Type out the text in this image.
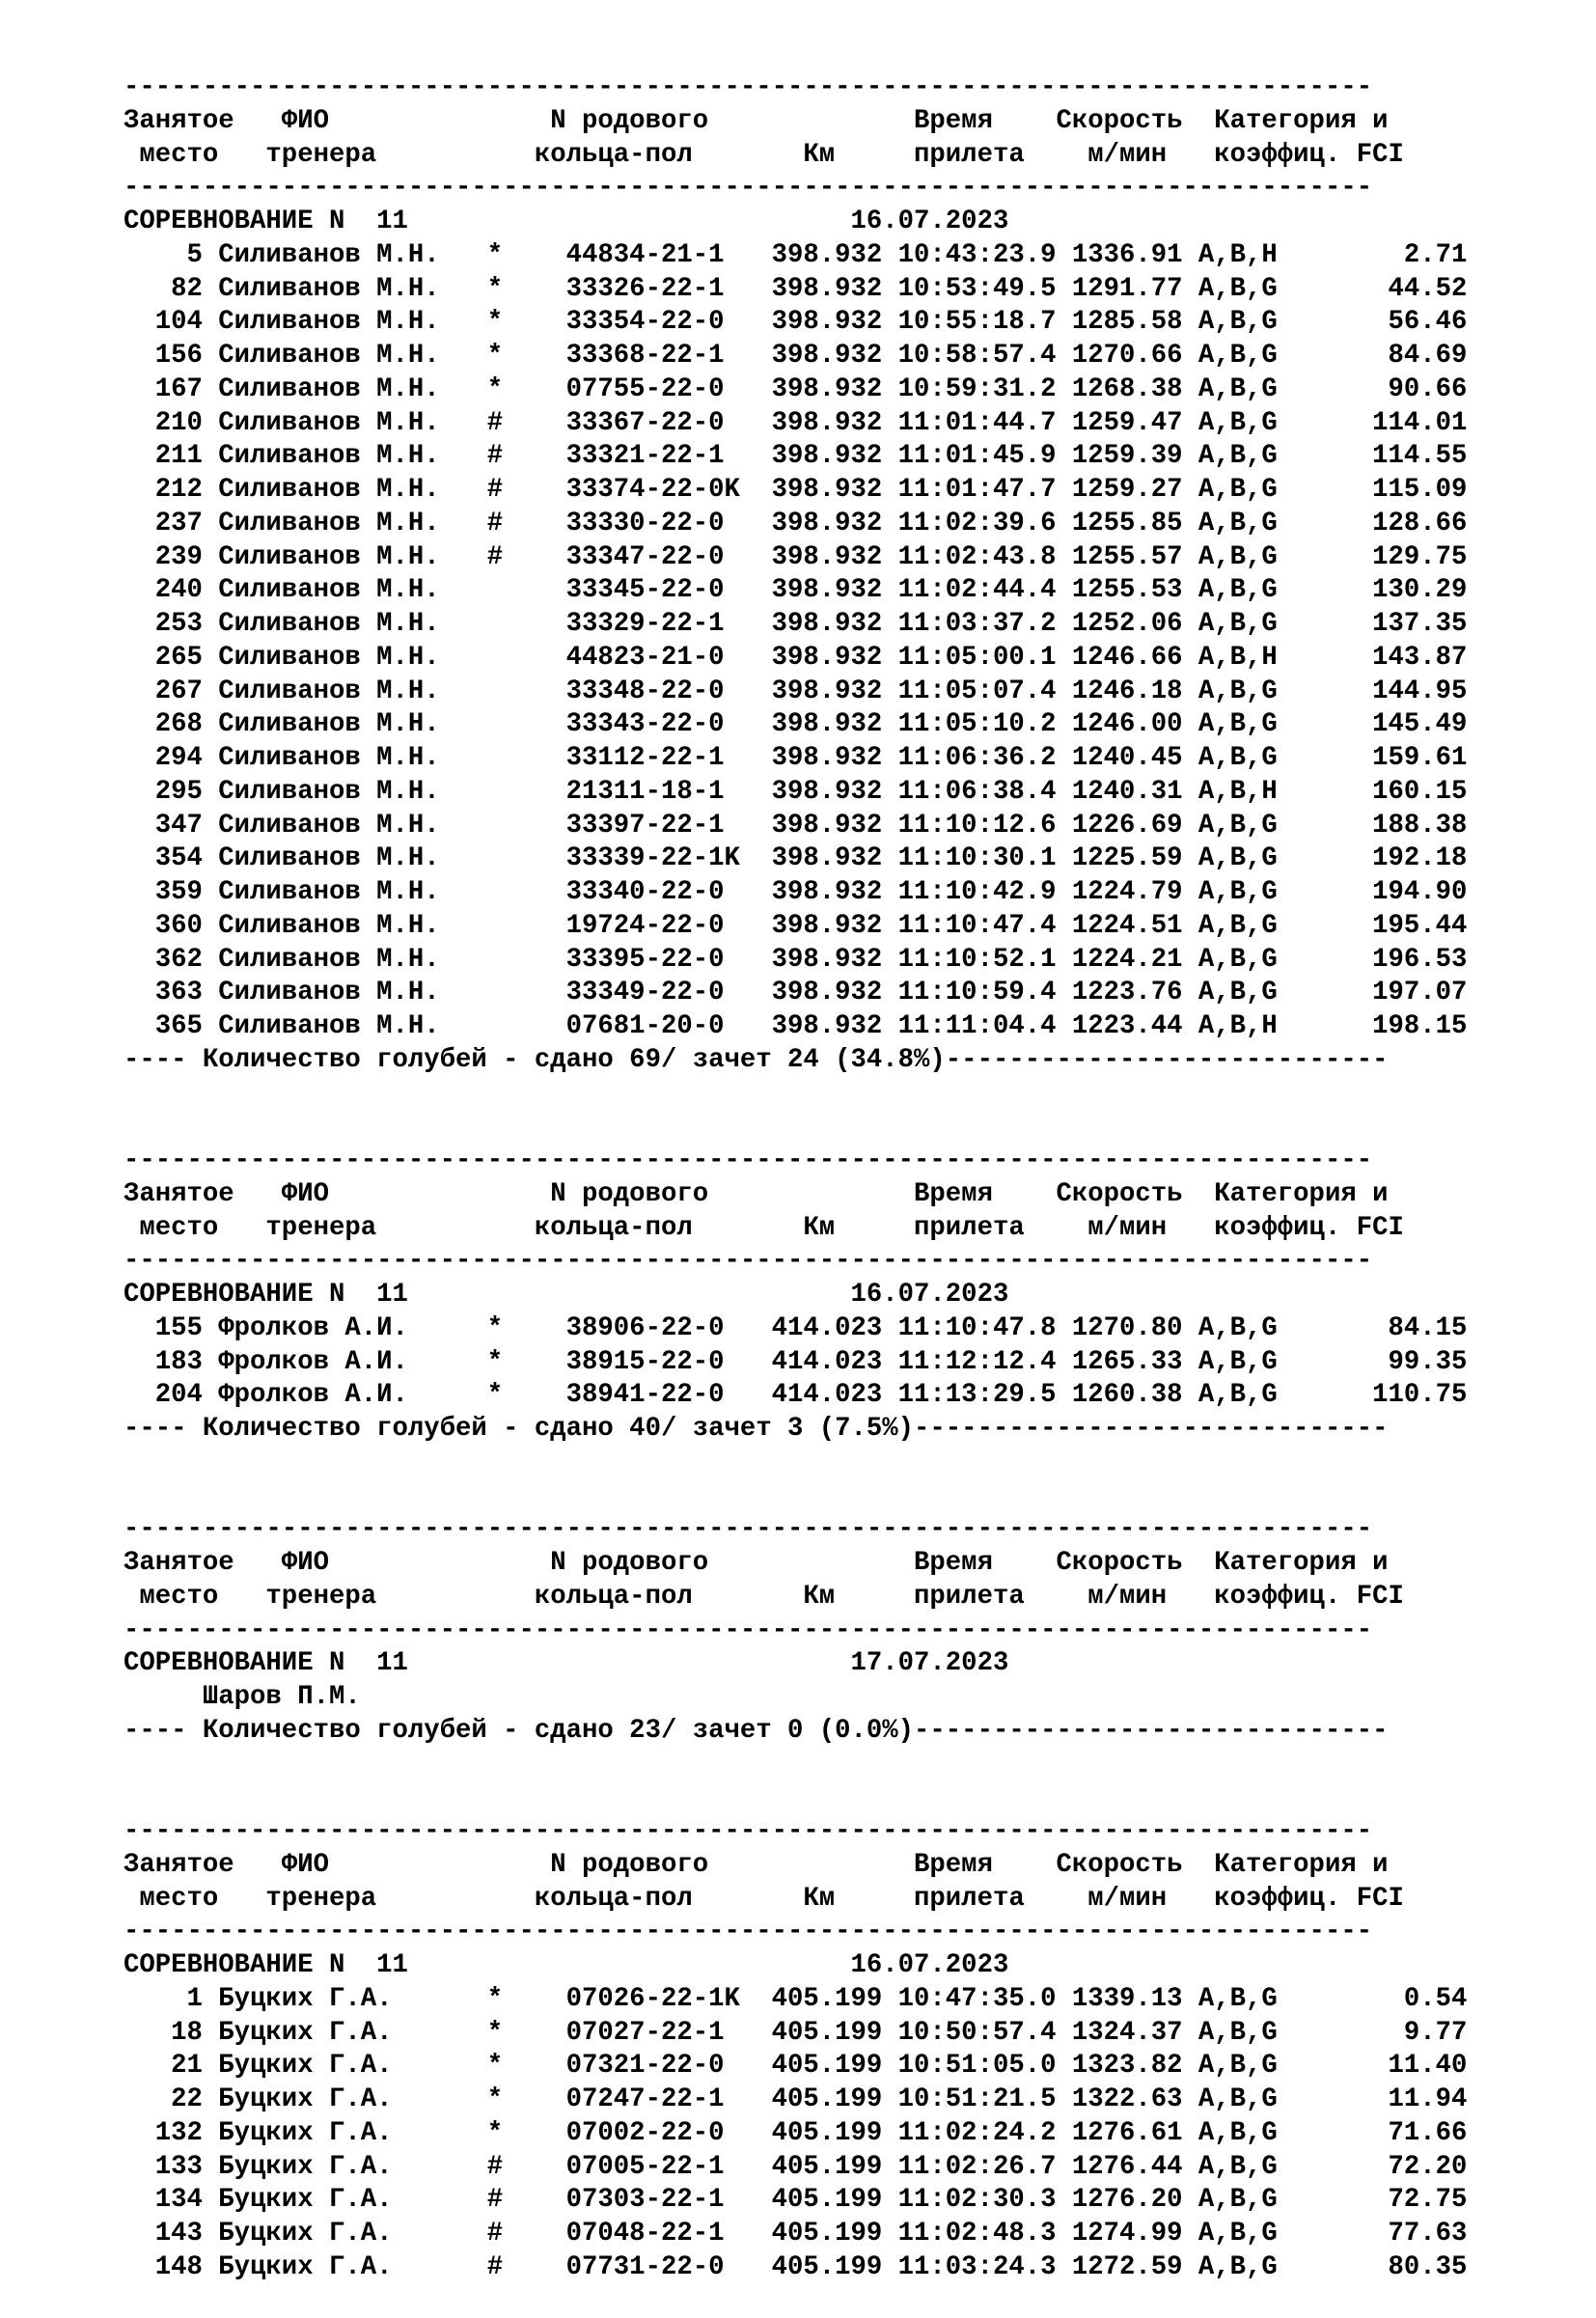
-------------------------------------------------------------------------------
Занятое   ФИО              N родового             Время    Скорость  Категория и
место   тренера          кольца-пол       Км     прилета    м/мин   коэффиц. FCI
-------------------------------------------------------------------------------
СОРЕВНОВАНИЕ N  11                            16.07.2023
5 Силиванов М.Н.   *    44834-21-1   398.932 10:43:23.9 1336.91 A,B,H        2.71
82 Силиванов М.Н.   *    33326-22-1   398.932 10:53:49.5 1291.77 A,B,G       44.52
104 Силиванов М.Н.   *    33354-22-0   398.932 10:55:18.7 1285.58 A,B,G       56.46
156 Силиванов М.Н.   *    33368-22-1   398.932 10:58:57.4 1270.66 A,B,G       84.69
167 Силиванов М.Н.   *    07755-22-0   398.932 10:59:31.2 1268.38 A,B,G       90.66
210 Силиванов М.Н.   #    33367-22-0   398.932 11:01:44.7 1259.47 A,B,G      114.01
211 Силиванов М.Н.   #    33321-22-1   398.932 11:01:45.9 1259.39 A,B,G      114.55
212 Силиванов М.Н.   #    33374-22-0K  398.932 11:01:47.7 1259.27 A,B,G      115.09
237 Силиванов М.Н.   #    33330-22-0   398.932 11:02:39.6 1255.85 A,B,G      128.66
239 Силиванов М.Н.   #    33347-22-0   398.932 11:02:43.8 1255.57 A,B,G      129.75
240 Силиванов М.Н.        33345-22-0   398.932 11:02:44.4 1255.53 A,B,G      130.29
253 Силиванов М.Н.        33329-22-1   398.932 11:03:37.2 1252.06 A,B,G      137.35
265 Силиванов М.Н.        44823-21-0   398.932 11:05:00.1 1246.66 A,B,H      143.87
267 Силиванов М.Н.        33348-22-0   398.932 11:05:07.4 1246.18 A,B,G      144.95
268 Силиванов М.Н.        33343-22-0   398.932 11:05:10.2 1246.00 A,B,G      145.49
294 Силиванов М.Н.        33112-22-1   398.932 11:06:36.2 1240.45 A,B,G      159.61
295 Силиванов М.Н.        21311-18-1   398.932 11:06:38.4 1240.31 A,B,H      160.15
347 Силиванов М.Н.        33397-22-1   398.932 11:10:12.6 1226.69 A,B,G      188.38
354 Силиванов М.Н.        33339-22-1K  398.932 11:10:30.1 1225.59 A,B,G      192.18
359 Силиванов М.Н.        33340-22-0   398.932 11:10:42.9 1224.79 A,B,G      194.90
360 Силиванов М.Н.        19724-22-0   398.932 11:10:47.4 1224.51 A,B,G      195.44
362 Силиванов М.Н.        33395-22-0   398.932 11:10:52.1 1224.21 A,B,G      196.53
363 Силиванов М.Н.        33349-22-0   398.932 11:10:59.4 1223.76 A,B,G      197.07
365 Силиванов М.Н.        07681-20-0   398.932 11:11:04.4 1223.44 A,B,H      198.15
---- Количество голубей - сдано 69/ зачет 24 (34.8%)----------------------------
-------------------------------------------------------------------------------
Занятое   ФИО              N родового             Время    Скорость  Категория и
место   тренера          кольца-пол       Км     прилета    м/мин   коэффиц. FCI
-------------------------------------------------------------------------------
СОРЕВНОВАНИЕ N  11                            16.07.2023
155 Фролков А.И.     *    38906-22-0   414.023 11:10:47.8 1270.80 A,B,G       84.15
183 Фролков А.И.     *    38915-22-0   414.023 11:12:12.4 1265.33 A,B,G       99.35
204 Фролков А.И.     *    38941-22-0   414.023 11:13:29.5 1260.38 A,B,G      110.75
---- Количество голубей - сдано 40/ зачет 3 (7.5%)------------------------------
-------------------------------------------------------------------------------
Занятое   ФИО              N родового             Время    Скорость  Категория и
место   тренера          кольца-пол       Км     прилета    м/мин   коэффиц. FCI
-------------------------------------------------------------------------------
СОРЕВНОВАНИЕ N  11                            17.07.2023
Шаров П.М.
---- Количество голубей - сдано 23/ зачет 0 (0.0%)------------------------------
-------------------------------------------------------------------------------
Занятое   ФИО              N родового             Время    Скорость  Категория и
место   тренера          кольца-пол       Км     прилета    м/мин   коэффиц. FCI
-------------------------------------------------------------------------------
СОРЕВНОВАНИЕ N  11                            16.07.2023
1 Буцких Г.А.      *    07026-22-1K  405.199 10:47:35.0 1339.13 A,B,G        0.54
18 Буцких Г.А.      *    07027-22-1   405.199 10:50:57.4 1324.37 A,B,G        9.77
21 Буцких Г.А.      *    07321-22-0   405.199 10:51:05.0 1323.82 A,B,G       11.40
22 Буцких Г.А.      *    07247-22-1   405.199 10:51:21.5 1322.63 A,B,G       11.94
132 Буцких Г.А.      *    07002-22-0   405.199 11:02:24.2 1276.61 A,B,G       71.66
133 Буцких Г.А.      #    07005-22-1   405.199 11:02:26.7 1276.44 A,B,G       72.20
134 Буцких Г.А.      #    07303-22-1   405.199 11:02:30.3 1276.20 A,B,G       72.75
143 Буцких Г.А.      #    07048-22-1   405.199 11:02:48.3 1274.99 A,B,G       77.63
148 Буцких Г.А.      #    07731-22-0   405.199 11:03:24.3 1272.59 A,B,G       80.35
